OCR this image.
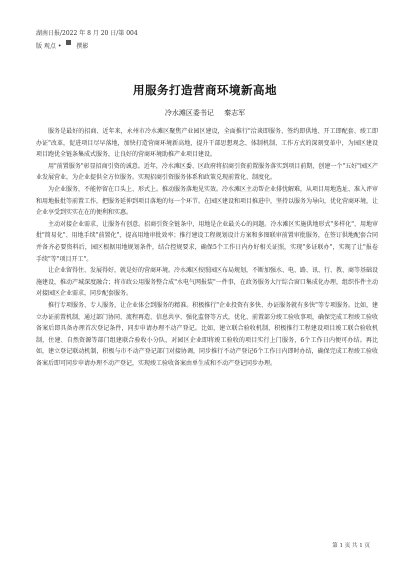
湖南日报/2022 年 8 月 20 日/第 004
版 观点 •	撰影
用服务打造营商环境新高地
冷水滩区委书记 秦志军

服务是最好的招商、近年来，永州市冷水滩区聚焦产业园区建设，全面推行"洽谈即服务、签约即供地、开工即配套、竣工即办证"改革，促进项目尽早落地，加快打造营商环境新高地，提升干部思想观念、体制机制、工作方式的深刻变革中，为园区建设项目跑优全链条集成式服务，让良好的营商环境助推产业项目建设。

用"前置服务"彰显招商引资的诚意。近年，冷水滩区委、区政府将招商引资前置服务落实到项目前期，创建一个"五好"园区产业发展营业，为企业提供全方位服务。实现招商引资服务体系和政策兑现前置化、制度化。

为企业服务，不能停留在口头上、形式上。推动服务落地见实效。冷水滩区主动帮企业排忧解难，从项目用地选址、准入评审和用地报批等前置工作，把服务延伸到项目落地的每一个环节。在园区建设和项目推进中，坚持以服务为导向，优化营商环境，让企业享受到实实在在的便利和实惠。

主动对接企业需求，让服务有创意。招商引资全链条中，用地是企业最关心的问题。冷水滩区实施供地形式"多样化"、用地审批"简易化"、用地手续"前置化"，提高用地审批效率；推行建设工程规划设计方案和多图联审前置审批服务，在签订供地配套合同并备齐必要资料后，园区根据用地规划条件，结合控规要求，确保5个工作日内办好相关证照，实现"多证联办"，实现了让"报卷手续"等"项目开工"。

让企业留得住、发展得好，就是好的营商环境。冷水滩区按照园区布局规划，不断加强水、电、路、讯、行、教、商等基础设施建设，推动产城深度融合；将市政公用服务整合成"水电气网报装"一件事，在政务服务大厅综合窗口集成化办理，组织作件主动对接园区企业需求，同步配套服务。

推行专项服务、专人服务，让企业体会到服务的精准。积极推行"企业投资有多快、办证服务就有多快"等专项服务。比如，建立办证前置机制，通过部门协同、流程再造、信息共享、强化监督等方式，优化、前置部分竣工验收事项，确保完成工程竣工验收备案后即具备办理首次登记条件，同步申请办理不动产登记。比如，建立联合验收机制，积极推行工程建设项目竣工联合验收机制，住建、自然资源等部门组建联合验收小分队，对园区企业即将竣工验收的项目实行上门服务，6个工作日内便可办结。再比如，建立登记联动机制，积极与市不动产登记部门对接协调，同步推行不动产登记6个工作日内即时办结，确保完成工程竣工验收备案后即可同步申请办理不动产登记，实现竣工验收备案由单生成和不动产登记同步办理。

第 1 页 共 1 页
